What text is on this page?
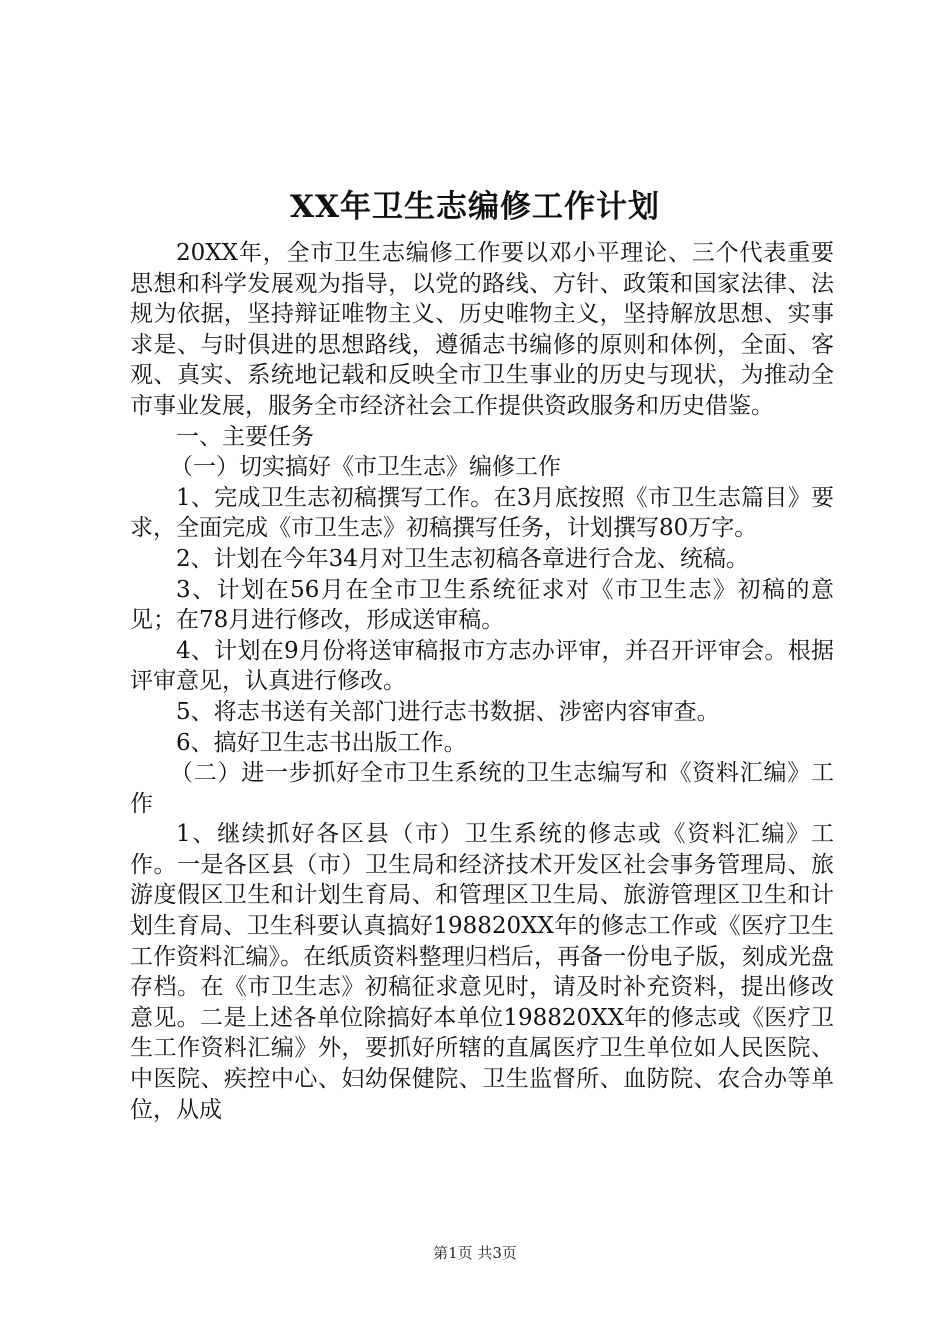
XX年卫生志编修工作计划

20XX年，全市卫生志编修工作要以邓小平理论、三个代表重要思想和科学发展观为指导，以党的路线、方针、政策和国家法律、法规为依据，坚持辩证唯物主义、历史唯物主义，坚持解放思想、实事求是、与时俱进的思想路线，遵循志书编修的原则和体例，全面、客观、真实、系统地记载和反映全市卫生事业的历史与现状，为推动全市事业发展，服务全市经济社会工作提供资政服务和历史借鉴。

一、主要任务

（一）切实搞好《市卫生志》编修工作

1、完成卫生志初稿撰写工作。在3月底按照《市卫生志篇目》要求，全面完成《市卫生志》初稿撰写任务，计划撰写80万字。

2、计划在今年34月对卫生志初稿各章进行合龙、统稿。

3、计划在56月在全市卫生系统征求对《市卫生志》初稿的意见；在78月进行修改，形成送审稿。

4、计划在9月份将送审稿报市方志办评审，并召开评审会。根据评审意见，认真进行修改。

5、将志书送有关部门进行志书数据、涉密内容审查。

6、搞好卫生志书出版工作。

（二）进一步抓好全市卫生系统的卫生志编写和《资料汇编》工作

1、继续抓好各区县（市）卫生系统的修志或《资料汇编》工作。一是各区县（市）卫生局和经济技术开发区社会事务管理局、旅游度假区卫生和计划生育局、和管理区卫生局、旅游管理区卫生和计划生育局、卫生科要认真搞好198820XX年的修志工作或《医疗卫生工作资料汇编》。在纸质资料整理归档后，再备一份电子版，刻成光盘存档。在《市卫生志》初稿征求意见时，请及时补充资料，提出修改意见。二是上述各单位除搞好本单位198820XX年的修志或《医疗卫生工作资料汇编》外，要抓好所辖的直属医疗卫生单位如人民医院、中医院、疾控中心、妇幼保健院、卫生监督所、血防院、农合办等单位，从成

第1页 共3页
